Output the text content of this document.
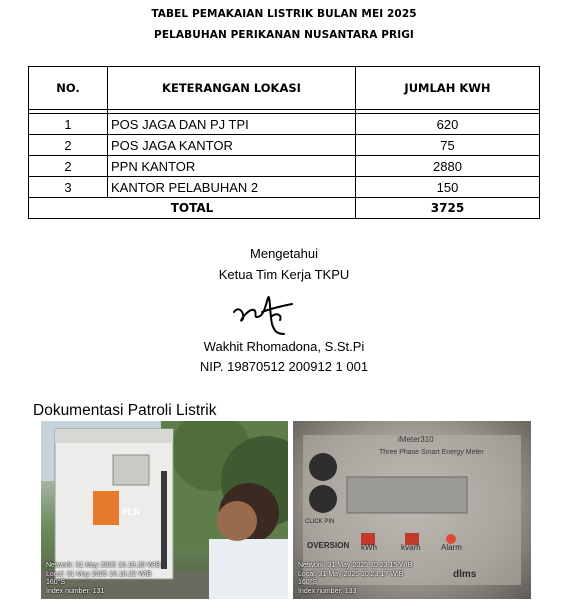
TABEL PEMAKAIAN LISTRIK BULAN MEI 2025
PELABUHAN PERIKANAN NUSANTARA PRIGI
NO.	KETERANGAN LOKASI	JUMLAH KWH

1	POS JAGA DAN PJ TPI	620
2	POS JAGA KANTOR	75
2	PPN KANTOR	2880
3	KANTOR PELABUHAN 2	150
TOTAL		3725
Mengetahui
Ketua Tim Kerja TKPU
Wakhit Rhomadona, S.St.Pi
NIP. 19870512 200912 1 001
Dokumentasi Patroli Listrik
PLN
Network: 31 May 2025 10.18.20 WIB
Local: 31 May 2025 10.18.22 WIB
160°S
Index number: 131
iMeter310
Three Phase Smart Energy Meter
CLICK PIN
OVERSION kWh	kvarh	Alarm
dlms
Network: 31 May 2025 10.23.15 WIB
Local: 31 May 2025 10.23.17 WIB
160°S
Index number: 133
